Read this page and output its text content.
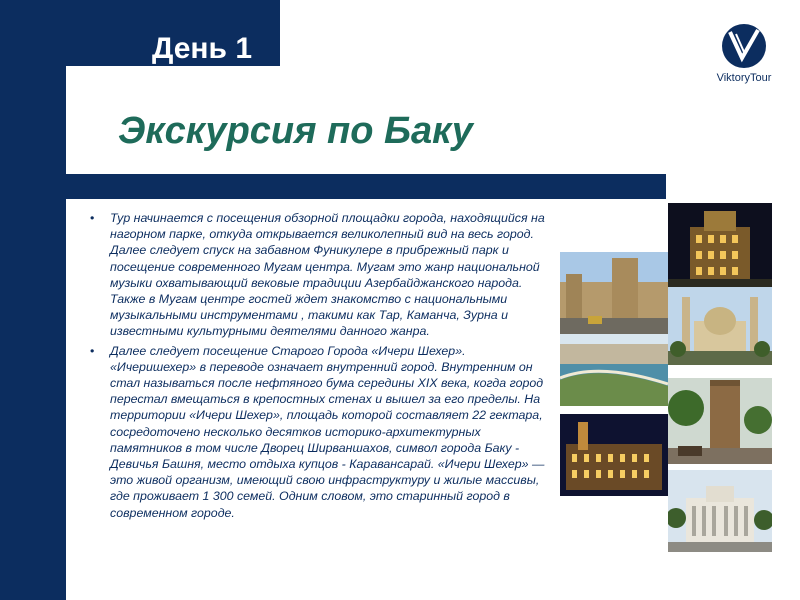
День 1
Экскурсия по Баку
ViktoryTour
• Тур начинается с посещения обзорной площадки города, находящийся на нагорном парке, откуда открывается великолепный вид на весь город. Далее следует спуск на забавном Фуникулере в прибрежный парк и посещение современного Мугам центра. Мугам это жанр национальной музыки охватывающий вековые традиции Азербайджанского народа. Также в Мугам центре гостей ждет знакомство с национальными музыкальными инструментами , такими как Тар, Каманча, Зурна и известными культурными деятелями данного жанра.
• Далее следует посещение Старого Города «Ичери Шехер». «Ичеришехер» в переводе означает внутренний город. Внутренним он стал называться после нефтяного бума середины XIX века, когда город перестал вмещаться в крепостных стенах и вышел за его пределы. На территории «Ичери Шехер», площадь которой составляет 22 гектара, сосредоточено несколько десятков историко-архитектурных памятников в том числе Дворец Ширваншахов, символ города Баку - Девичья Башня, место отдыха купцов - Каравансарай. «Ичери Шехер» — это живой организм, имеющий свою инфраструктуру и жилые массивы, где проживает 1 300 семей. Одним словом, это старинный город в современном городе.
